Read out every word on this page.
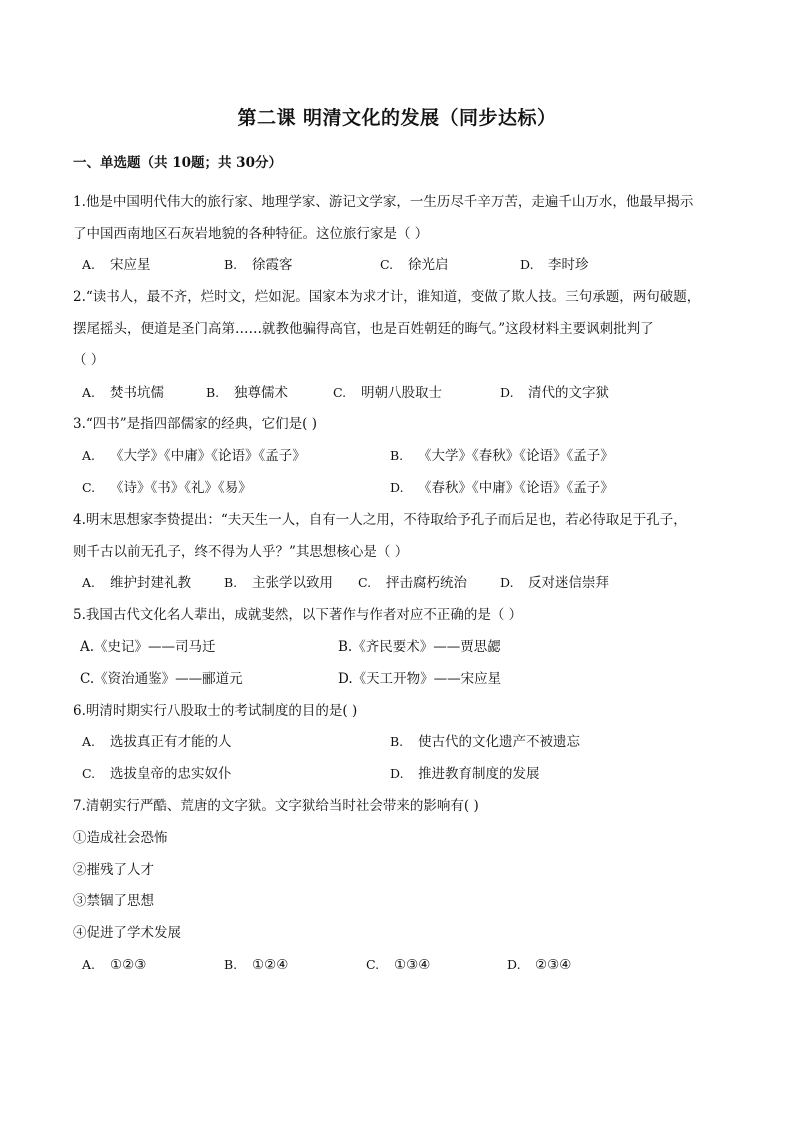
第二课 明清文化的发展（同步达标）
一、单选题（共 10题；共 30分）
1.他是中国明代伟大的旅行家、地理学家、游记文学家，一生历尽千辛万苦，走遍千山万水，他最早揭示
了中国西南地区石灰岩地貌的各种特征。这位旅行家是（ ）
A. 宋应星	B. 徐霞客	C. 徐光启	D. 李时珍
2.“读书人，最不齐，烂时文，烂如泥。国家本为求才计，谁知道，变做了欺人技。三句承题，两句破题，
摆尾摇头，便道是圣门高第……就教他骗得高官，也是百姓朝廷的晦气。”这段材料主要讽刺批判了
（ ）
A. 焚书坑儒	B. 独尊儒术	C. 明朝八股取士	D. 清代的文字狱
3.“四书”是指四部儒家的经典，它们是( )
A. 《大学》《中庸》《论语》《孟子》	B. 《大学》《春秋》《论语》《孟子》
C. 《诗》《书》《礼》《易》	D. 《春秋》《中庸》《论语》《孟子》
4.明末思想家李贽提出：“夫天生一人，自有一人之用，不待取给予孔子而后足也，若必待取足于孔子，
则千古以前无孔子，终不得为人乎？”其思想核心是（ ）
A. 维护封建礼教	B. 主张学以致用 C. 抨击腐朽统治	D. 反对迷信崇拜
5.我国古代文化名人辈出，成就斐然，以下著作与作者对应不正确的是（ ）
A.《史记》——司马迁	B.《齐民要术》——贾思勰
C.《资治通鉴》——郦道元	D.《天工开物》——宋应星
6.明清时期实行八股取士的考试制度的目的是( )
A. 选拔真正有才能的人	B. 使古代的文化遗产不被遗忘
C. 选拔皇帝的忠实奴仆	D. 推进教育制度的发展
7.清朝实行严酷、荒唐的文字狱。文字狱给当时社会带来的影响有( )
①造成社会恐怖
②摧残了人才
③禁锢了思想
④促进了学术发展
A. ①②③	B. ①②④	C. ①③④	D. ②③④
